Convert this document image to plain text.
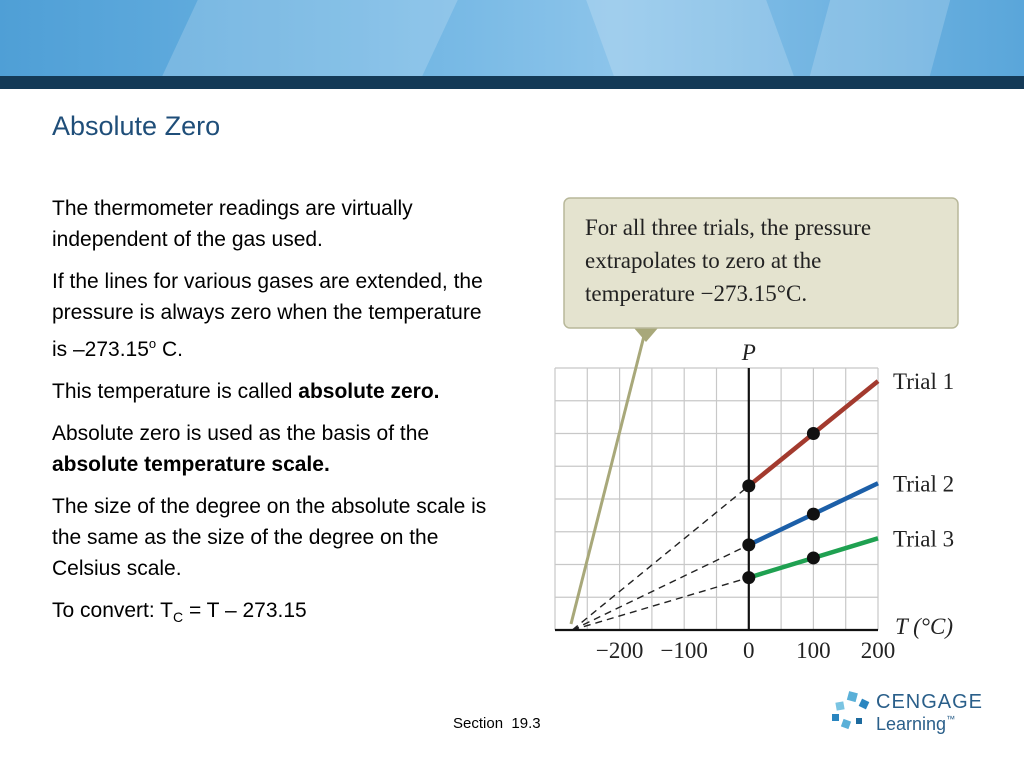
Absolute Zero

The thermometer readings are virtually independent of the gas used.

If the lines for various gases are extended, the pressure is always zero when the temperature is –273.15$^o$ C.

This temperature is called absolute zero.

Absolute zero is used as the basis of the absolute temperature scale.

The size of the degree on the absolute scale is the same as the size of the degree on the Celsius scale.

To convert: $T_C = T - 273.15$

−200 −100 0 100 200
T (°C)
P
Trial 1
Trial 2
Trial 3
For all three trials, the pressure
extrapolates to zero at the
temperature −273.15°C.
Section 19.3
CENGAGE
Learning™
